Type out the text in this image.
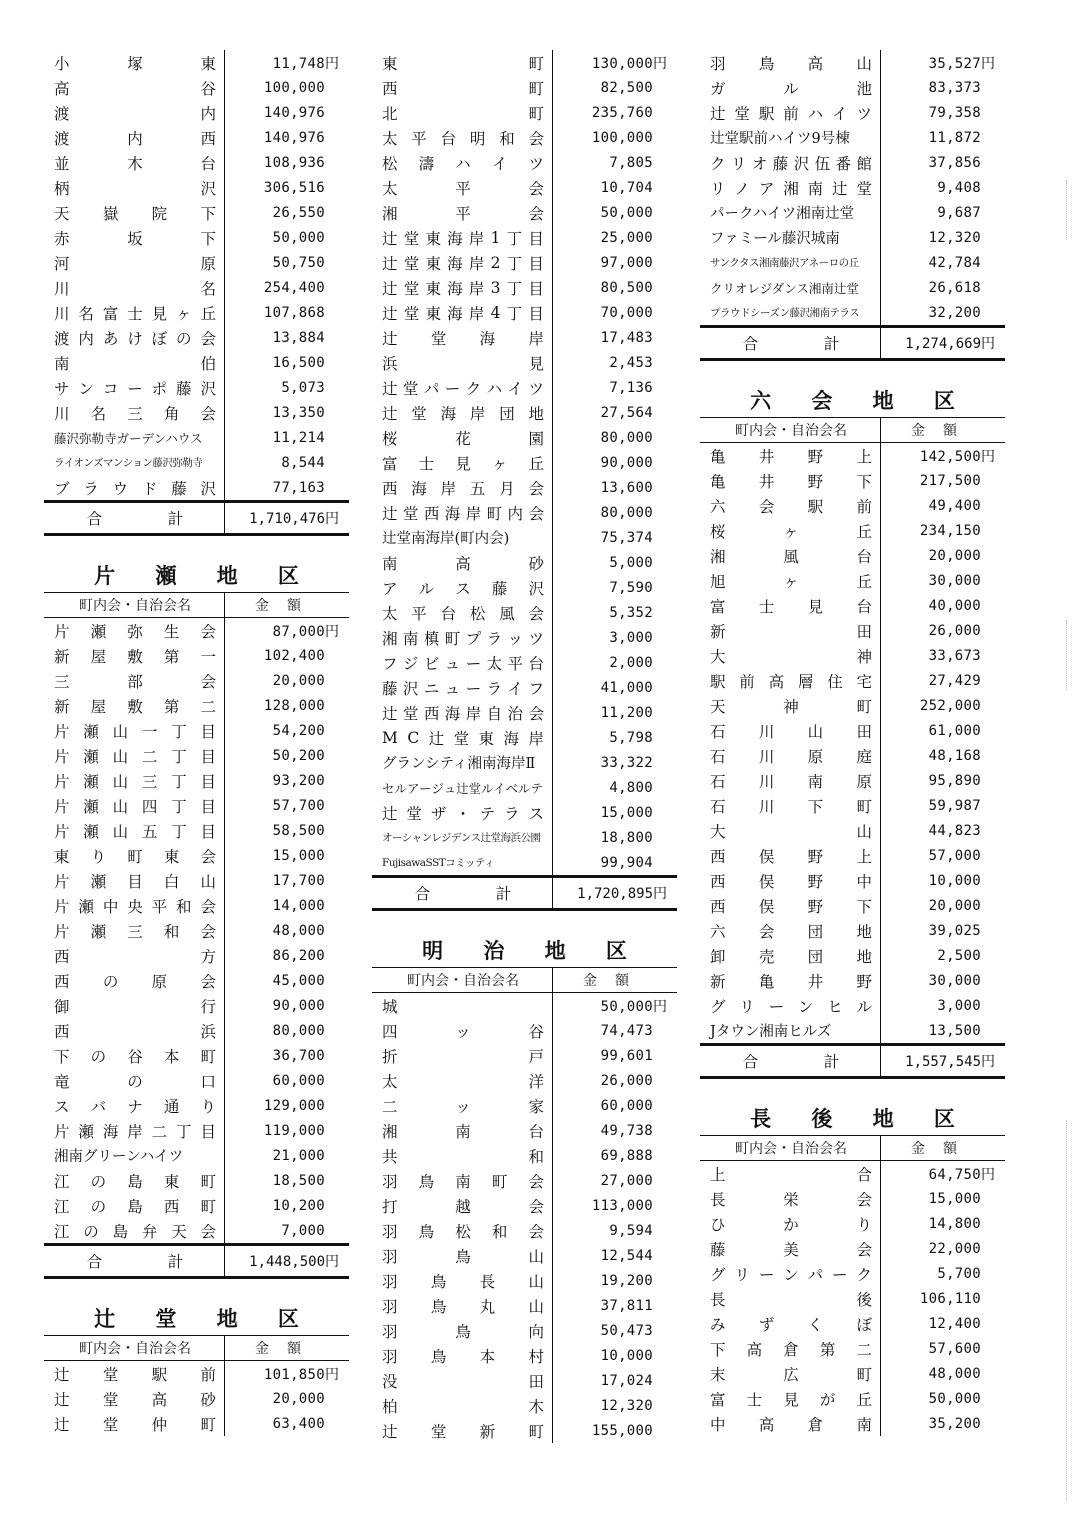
小	塚	東	11,748円
高	谷	100,000
渡	内	140,976
渡	内	西	140,976
並	木	台	108,936
柄	沢	306,516
天 嶽 院 下	26,550
赤	坂	下	50,000
河	原	50,750
川	名	254,400
川 名 富 士 見 ヶ 丘	107,868
渡 内 あ け ぼ の 会	13,884
南	伯	16,500
サ ン コ ー ポ 藤 沢	5,073
川 名 三 角 会	13,350
藤沢弥勒寺ガーデンハウス	11,214
ライオンズマンション藤沢弥勒寺	8,544
ブ ラ ウ ド 藤 沢	77,163
合	計	1,710,476円
片 瀬 地 区
町内会・自治会名	金額
片 瀬 弥 生 会	87,000円
新 屋 敷 第 一	102,400
三	部	会	20,000
新 屋 敷 第 二	128,000
片 瀬 山 一 丁 目	54,200
片 瀬 山 二 丁 目	50,200
片 瀬 山 三 丁 目	93,200
片 瀬 山 四 丁 目	57,700
片 瀬 山 五 丁 目	58,500
東 り 町 東 会	15,000
片 瀬 目 白 山	17,700
片 瀬 中 央 平 和 会	14,000
片 瀬 三 和 会	48,000
西	方	86,200
西 の 原 会	45,000
御	行	90,000
西	浜	80,000
下 の 谷 本 町	36,700
竜	の	口	60,000
ス バ ナ 通 り	129,000
片 瀬 海 岸 二 丁 目	119,000
湘南グリーンハイツ	21,000
江 の 島 東 町	18,500
江 の 島 西 町	10,200
江 の 島 弁 天 会	7,000
合	計	1,448,500円
辻 堂 地 区
町内会・自治会名	金額
辻 堂 駅 前	101,850円
辻 堂 高 砂	20,000
辻 堂 仲 町	63,400
東	町	130,000円
西	町	82,500
北	町	235,760
太 平 台 明 和 会	100,000
松 濤 ハ イ ツ	7,805
太	平	会	10,704
湘	平	会	50,000
辻 堂 東 海 岸 1 丁 目	25,000
辻 堂 東 海 岸 2 丁 目	97,000
辻 堂 東 海 岸 3 丁 目	80,500
辻 堂 東 海 岸 4 丁 目	70,000
辻 堂 海 岸	17,483
浜	見	2,453
辻 堂 パ ー ク ハ イ ツ	7,136
辻 堂 海 岸 団 地	27,564
桜	花	園	80,000
富 士 見 ヶ 丘	90,000
西 海 岸 五 月 会	13,600
辻 堂 西 海 岸 町 内 会	80,000
辻堂南海岸(町内会)	75,374
南	高	砂	5,000
ア ル ス 藤 沢	7,590
太 平 台 松 風 会	5,352
湘 南 槙 町 プ ラ ッ ツ	3,000
フ ジ ビ ュ ー 太 平 台	2,000
藤 沢 ニ ュ ー ラ イ フ	41,000
辻 堂 西 海 岸 自 治 会	11,200
M C 辻 堂 東 海 岸	5,798
グランシティ湘南海岸Ⅱ	33,322
セルアージュ辻堂ルイベルテ	4,800
辻 堂 ザ ・ テ ラ ス	15,000
オーシャンレジデンス辻堂海浜公園	18,800
FujisawaSSTコミッティ	99,904
合	計	1,720,895円
明 治 地 区
町内会・自治会名	金額
城	50,000円
四	ッ	谷	74,473
折	戸	99,601
太	洋	26,000
二	ッ	家	60,000
湘	南	台	49,738
共	和	69,888
羽 鳥 南 町 会	27,000
打	越	会	113,000
羽 鳥 松 和 会	9,594
羽	鳥	山	12,544
羽 鳥 長 山	19,200
羽 鳥 丸 山	37,811
羽	鳥	向	50,473
羽 鳥 本 村	10,000
没	田	17,024
柏	木	12,320
辻 堂 新 町	155,000
羽 鳥 高 山	35,527円
ガ	ル	池	83,373
辻 堂 駅 前 ハ イ ツ	79,358
辻堂駅前ハイツ9号棟	11,872
ク リ オ 藤 沢 伍 番 館	37,856
リ ノ ア 湘 南 辻 堂	9,408
パークハイツ湘南辻堂	9,687
ファミール藤沢城南	12,320
サンクタス湘南藤沢アネーロの丘	42,784
クリオレジダンス湘南辻堂	26,618
プラウドシーズン藤沢湘南テラス	32,200
合	計	1,274,669円
六 会 地 区
町内会・自治会名	金額
亀 井 野 上	142,500円
亀 井 野 下	217,500
六 会 駅 前	49,400
桜	ヶ	丘	234,150
湘	風	台	20,000
旭	ヶ	丘	30,000
富 士 見 台	40,000
新	田	26,000
大	神	33,673
駅 前 高 層 住 宅	27,429
天	神	町	252,000
石 川 山 田	61,000
石 川 原 庭	48,168
石 川 南 原	95,890
石 川 下 町	59,987
大	山	44,823
西 俣 野 上	57,000
西 俣 野 中	10,000
西 俣 野 下	20,000
六 会 団 地	39,025
卸 売 団 地	2,500
新 亀 井 野	30,000
グ リ ー ン ヒ ル	3,000
Jタウン湘南ヒルズ	13,500
合	計	1,557,545円
長 後 地 区
町内会・自治会名	金額
上	合	64,750円
長	栄	会	15,000
ひ	か	り	14,800
藤	美	会	22,000
グ リ ー ン パ ー ク	5,700
長	後	106,110
み ず く ぼ	12,400
下 高 倉 第 二	57,600
末	広	町	48,000
富 士 見 が 丘	50,000
中 高 倉 南	35,200
